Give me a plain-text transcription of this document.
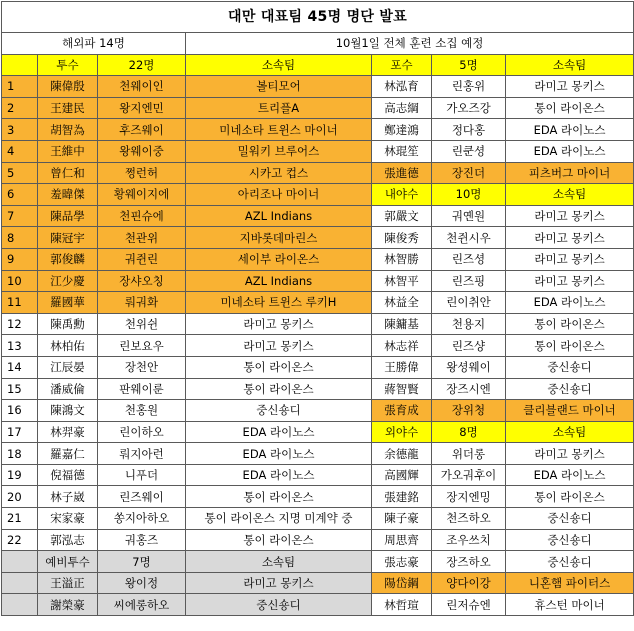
대만 대표팀 45명 명단 발표						
해외파 14명			10월1일 전체 훈련 소집 예정			
	투수	22명	소속팀	포수	5명	소속팀
1	陳偉殷	천웨이인	볼티모어	林泓育	린홍위	라미고 몽키스
2	王建民	왕지엔민	트리플A	高志綱	가오즈강	통이 라이온스
3	胡智為	후즈웨이	미네소타 트윈스 마이너	鄭達鴻	정다홍	EDA 라이노스
4	王維中	왕웨이중	밀워키 브루어스	林琨笙	린쿤셩	EDA 라이노스
5	曾仁和	쩡런허	시카고 컵스	張進德	장진더	피츠버그 마이너
6	羞暐傑	황웨이지에	아리조나 마이너	내야수	10명	소속팀
7	陳品學	천핀슈에	AZL Indians	郭嚴文	궈옌원	라미고 몽키스
8	陳冠宇	천관위	지바롯데마린스	陳俊秀	천쥔시우	라미고 몽키스
9	郭俊麟	궈쥔린	세이부 라이온스	林智勝	린즈셩	라미고 몽키스
10	江少慶	장샤오칭	AZL Indians	林智平	린즈핑	라미고 몽키스
11	羅國華	뤄궈화	미네소타 트윈스 루키H	林益全	린이취안	EDA 라이노스
12	陳禹勳	천위쉰	라미고 몽키스	陳鏞基	천용지	통이 라이온스
13	林柏佑	린보요우	라미고 몽키스	林志祥	린즈샹	통이 라이온스
14	江辰晏	장천안	통이 라이온스	王勝偉	왕셩웨이	중신숑디
15	潘威倫	판웨이룬	통이 라이온스	蔣智賢	장즈시엔	중신숑디
16	陳鴻文	천홍원	중신숑디	張育成	장위청	클리블랜드 마이너
17	林羿豪	린이하오	EDA 라이노스	외야수	8명	소속팀
18	羅嘉仁	뤄지아런	EDA 라이노스	余德龍	위더롱	라미고 몽키스
19	倪福德	니푸더	EDA 라이노스	高國輝	가오궈후이	EDA 라이노스
20	林子崴	린즈웨이	통이 라이온스	張建銘	장지엔밍	통이 라이온스
21	宋家豪	쏭지아하오	통이 라이온스 지명 미계약 중	陳子豪	천즈하오	중신숑디
22	郭泓志	궈홍즈	통이 라이온스	周思齊	조우쓰치	중신숑디
	예비투수	7명	소속팀	張志豪	장즈하오	중신숑디
	王溢正	왕이정	라미고 몽키스	陽岱鋼	양다이강	니혼햄 파이터스
	謝榮豪	씨에롱하오	중신숑디	林哲瑄	린저슈엔	휴스턴 마이너
